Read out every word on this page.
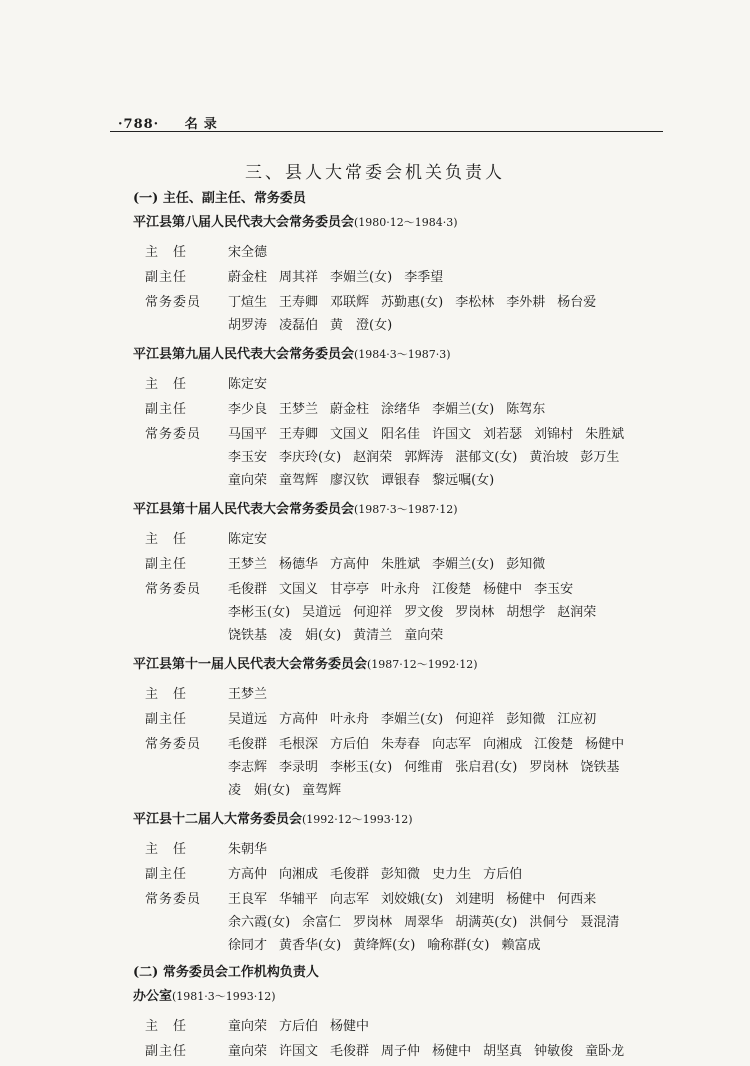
·788· 名录
三、县人大常委会机关负责人
(一) 主任、副主任、常务委员
平江县第八届人民代表大会常务委员会(1980·12～1984·3)
主　任	宋全德
副主任	蔚金柱 周其祥 李媚兰(女) 李季望
常务委员	丁煊生 王寿卿 邓联辉 苏勤惠(女) 李松林 李外耕 杨台爱
胡罗涛 凌磊伯 黄　澄(女)
平江县第九届人民代表大会常务委员会(1984·3～1987·3)
主　任	陈定安
副主任	李少良 王梦兰 蔚金柱 涂绪华 李媚兰(女) 陈驾东
常务委员	马国平 王寿卿 文国义 阳名佳 许国文 刘若瑟 刘锦村 朱胜斌
李玉安 李庆玲(女) 赵润荣 郭辉涛 湛郁文(女) 黄治坡 彭万生
童向荣 童驾辉 廖汉钦 谭银春 黎远嘱(女)
平江县第十届人民代表大会常务委员会(1987·3～1987·12)
主　任	陈定安
副主任	王梦兰 杨德华 方高仲 朱胜斌 李媚兰(女) 彭知微
常务委员	毛俊群 文国义 甘亭亭 叶永舟 江俊楚 杨健中 李玉安
李彬玉(女) 吴道远 何迎祥 罗文俊 罗岗林 胡想学 赵润荣
饶铁基 凌　娟(女) 黄清兰 童向荣
平江县第十一届人民代表大会常务委员会(1987·12～1992·12)
主　任	王梦兰
副主任	吴道远 方高仲 叶永舟 李媚兰(女) 何迎祥 彭知微 江应初
常务委员	毛俊群 毛根深 方后伯 朱寿春 向志军 向湘成 江俊楚 杨健中
李志辉 李录明 李彬玉(女) 何维甫 张启君(女) 罗岗林 饶铁基
凌　娟(女) 童驾辉
平江县十二届人大常务委员会(1992·12～1993·12)
主　任	朱朝华
副主任	方高仲 向湘成 毛俊群 彭知微 史力生 方后伯
常务委员	王良军 华辅平 向志军 刘姣娥(女) 刘建明 杨健中 何西来
余六霞(女) 余富仁 罗岗林 周翠华 胡满英(女) 洪侗兮 聂混清
徐同才 黄香华(女) 黄绛辉(女) 喻称群(女) 赖富成
(二) 常务委员会工作机构负责人
办公室(1981·3～1993·12)
主　任	童向荣 方后伯 杨健中
副主任	童向荣 许国文 毛俊群 周子仲 杨健中 胡坚真 钟敏俊 童卧龙
